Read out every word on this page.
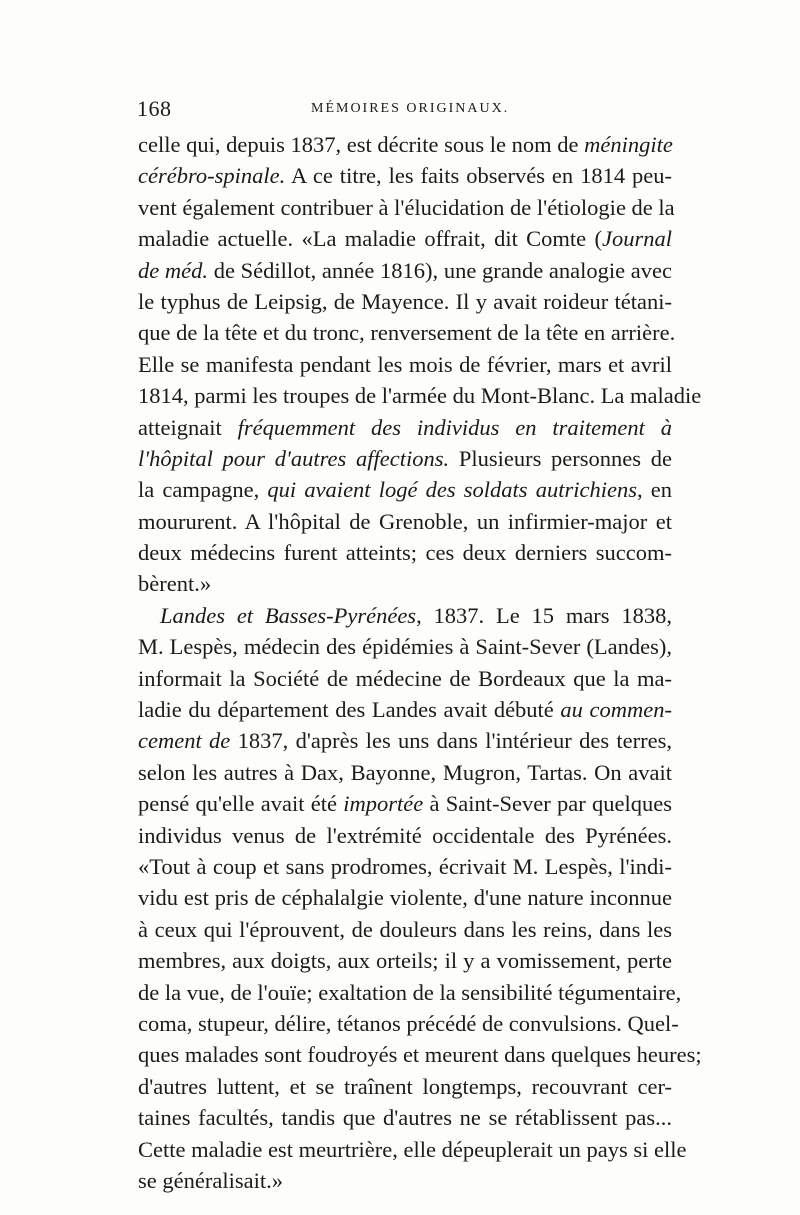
168	MÉMOIRES ORIGINAUX.
celle qui, depuis 1837, est décrite sous le nom de méningite
cérébro-spinale. A ce titre, les faits observés en 1814 peu-
vent également contribuer à l'élucidation de l'étiologie de la
maladie actuelle. «La maladie offrait, dit Comte (Journal
de méd. de Sédillot, année 1816), une grande analogie avec
le typhus de Leipsig, de Mayence. Il y avait roideur tétani-
que de la tête et du tronc, renversement de la tête en arrière.
Elle se manifesta pendant les mois de février, mars et avril
1814, parmi les troupes de l'armée du Mont-Blanc. La maladie
atteignait fréquemment des individus en traitement à
l'hôpital pour d'autres affections. Plusieurs personnes de
la campagne, qui avaient logé des soldats autrichiens, en
moururent. A l'hôpital de Grenoble, un infirmier-major et
deux médecins furent atteints; ces deux derniers succom-
bèrent.»
Landes et Basses-Pyrénées, 1837. Le 15 mars 1838,
M. Lespès, médecin des épidémies à Saint-Sever (Landes),
informait la Société de médecine de Bordeaux que la ma-
ladie du département des Landes avait débuté au commen-
cement de 1837, d'après les uns dans l'intérieur des terres,
selon les autres à Dax, Bayonne, Mugron, Tartas. On avait
pensé qu'elle avait été importée à Saint-Sever par quelques
individus venus de l'extrémité occidentale des Pyrénées.
«Tout à coup et sans prodromes, écrivait M. Lespès, l'indi-
vidu est pris de céphalalgie violente, d'une nature inconnue
à ceux qui l'éprouvent, de douleurs dans les reins, dans les
membres, aux doigts, aux orteils; il y a vomissement, perte
de la vue, de l'ouïe; exaltation de la sensibilité tégumentaire,
coma, stupeur, délire, tétanos précédé de convulsions. Quel-
ques malades sont foudroyés et meurent dans quelques heures;
d'autres luttent, et se traînent longtemps, recouvrant cer-
taines facultés, tandis que d'autres ne se rétablissent pas...
Cette maladie est meurtrière, elle dépeuplerait un pays si elle
se généralisait.»
